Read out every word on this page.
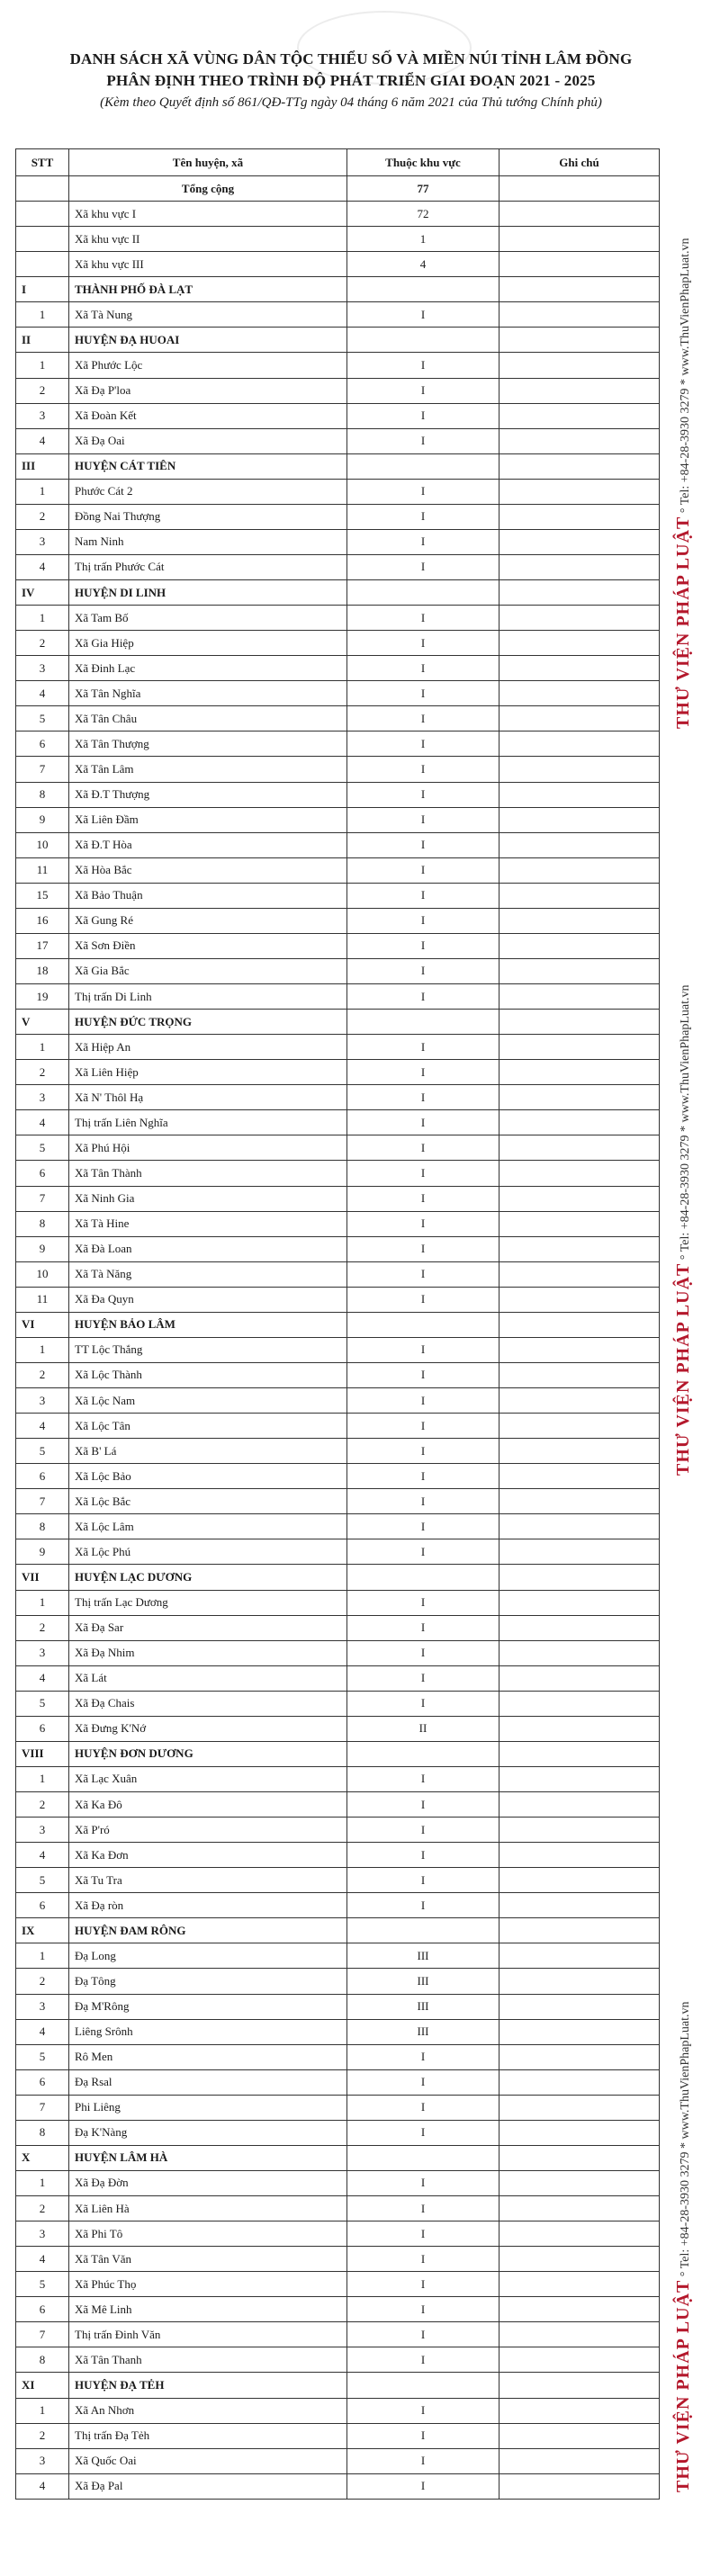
DANH SÁCH XÃ VÙNG DÂN TỘC THIỂU SỐ VÀ MIỀN NÚI TỈNH LÂM ĐỒNG
PHÂN ĐỊNH THEO TRÌNH ĐỘ PHÁT TRIỂN GIAI ĐOẠN 2021 - 2025
(Kèm theo Quyết định số 861/QĐ-TTg ngày 04 tháng 6 năm 2021 của Thủ tướng Chính phủ)
STT	Tên huyện, xã	Thuộc khu vực	Ghi chú
	Tổng cộng	77	
	Xã khu vực I	72	
	Xã khu vực II	1	
	Xã khu vực III	4	
I	THÀNH PHỐ ĐÀ LẠT		
1	Xã Tà Nung	I	
II	HUYỆN ĐẠ HUOAI		
1	Xã Phước Lộc	I	
2	Xã Đạ P'loa	I	
3	Xã Đoàn Kết	I	
4	Xã Đạ Oai	I	
III	HUYỆN CÁT TIÊN		
1	Phước Cát 2	I	
2	Đồng Nai Thượng	I	
3	Nam Ninh	I	
4	Thị trấn Phước Cát	I	
IV	HUYỆN DI LINH		
1	Xã Tam Bố	I	
2	Xã Gia Hiệp	I	
3	Xã Đinh Lạc	I	
4	Xã Tân Nghĩa	I	
5	Xã Tân Châu	I	
6	Xã Tân Thượng	I	
7	Xã Tân Lâm	I	
8	Xã Đ.T Thượng	I	
9	Xã Liên Đầm	I	
10	Xã Đ.T Hòa	I	
11	Xã Hòa Bắc	I	
15	Xã Bảo Thuận	I	
16	Xã Gung Ré	I	
17	Xã Sơn Điền	I	
18	Xã Gia Bắc	I	
19	Thị trấn Di Linh	I	
V	HUYỆN ĐỨC TRỌNG		
1	Xã Hiệp An	I	
2	Xã Liên Hiệp	I	
3	Xã N' Thôl Hạ	I	
4	Thị trấn Liên Nghĩa	I	
5	Xã Phú Hội	I	
6	Xã Tân Thành	I	
7	Xã Ninh Gia	I	
8	Xã Tà Hine	I	
9	Xã Đà Loan	I	
10	Xã Tà Năng	I	
11	Xã Đa Quyn	I	
VI	HUYỆN BẢO LÂM		
1	TT Lộc Thắng	I	
2	Xã Lộc Thành	I	
3	Xã Lộc Nam	I	
4	Xã Lộc Tân	I	
5	Xã B' Lá	I	
6	Xã Lộc Bảo	I	
7	Xã Lộc Bắc	I	
8	Xã Lộc Lâm	I	
9	Xã Lộc Phú	I	
VII	HUYỆN LẠC DƯƠNG		
1	Thị trấn Lạc Dương	I	
2	Xã Đạ Sar	I	
3	Xã Đạ Nhim	I	
4	Xã Lát	I	
5	Xã Đạ Chais	I	
6	Xã Đưng K'Nớ	II	
VIII	HUYỆN ĐƠN DƯƠNG		
1	Xã Lạc Xuân	I	
2	Xã Ka Đô	I	
3	Xã P'ró	I	
4	Xã Ka Đơn	I	
5	Xã Tu Tra	I	
6	Xã Đạ ròn	I	
IX	HUYỆN ĐAM RÔNG		
1	Đạ Long	III	
2	Đạ Tông	III	
3	Đạ M'Rông	III	
4	Liêng Srônh	III	
5	Rô Men	I	
6	Đạ Rsal	I	
7	Phi Liêng	I	
8	Đạ K'Nàng	I	
X	HUYỆN LÂM HÀ		
1	Xã Đạ Đờn	I	
2	Xã Liên Hà	I	
3	Xã Phi Tô	I	
4	Xã Tân Văn	I	
5	Xã Phúc Thọ	I	
6	Xã Mê Linh	I	
7	Thị trấn Đinh Văn	I	
8	Xã Tân Thanh	I	
XI	HUYỆN ĐẠ TẺH		
1	Xã An Nhơn	I	
2	Thị trấn Đạ Tẻh	I	
3	Xã Quốc Oai	I	
4	Xã Đạ Pal	I	
THƯ VIỆN PHÁP LUẬT ° Tel: +84-28-3930 3279 * www.ThuVienPhapLuat.vn
THƯ VIỆN PHÁP LUẬT ° Tel: +84-28-3930 3279 * www.ThuVienPhapLuat.vn
THƯ VIỆN PHÁP LUẬT ° Tel: +84-28-3930 3279 * www.ThuVienPhapLuat.vn
